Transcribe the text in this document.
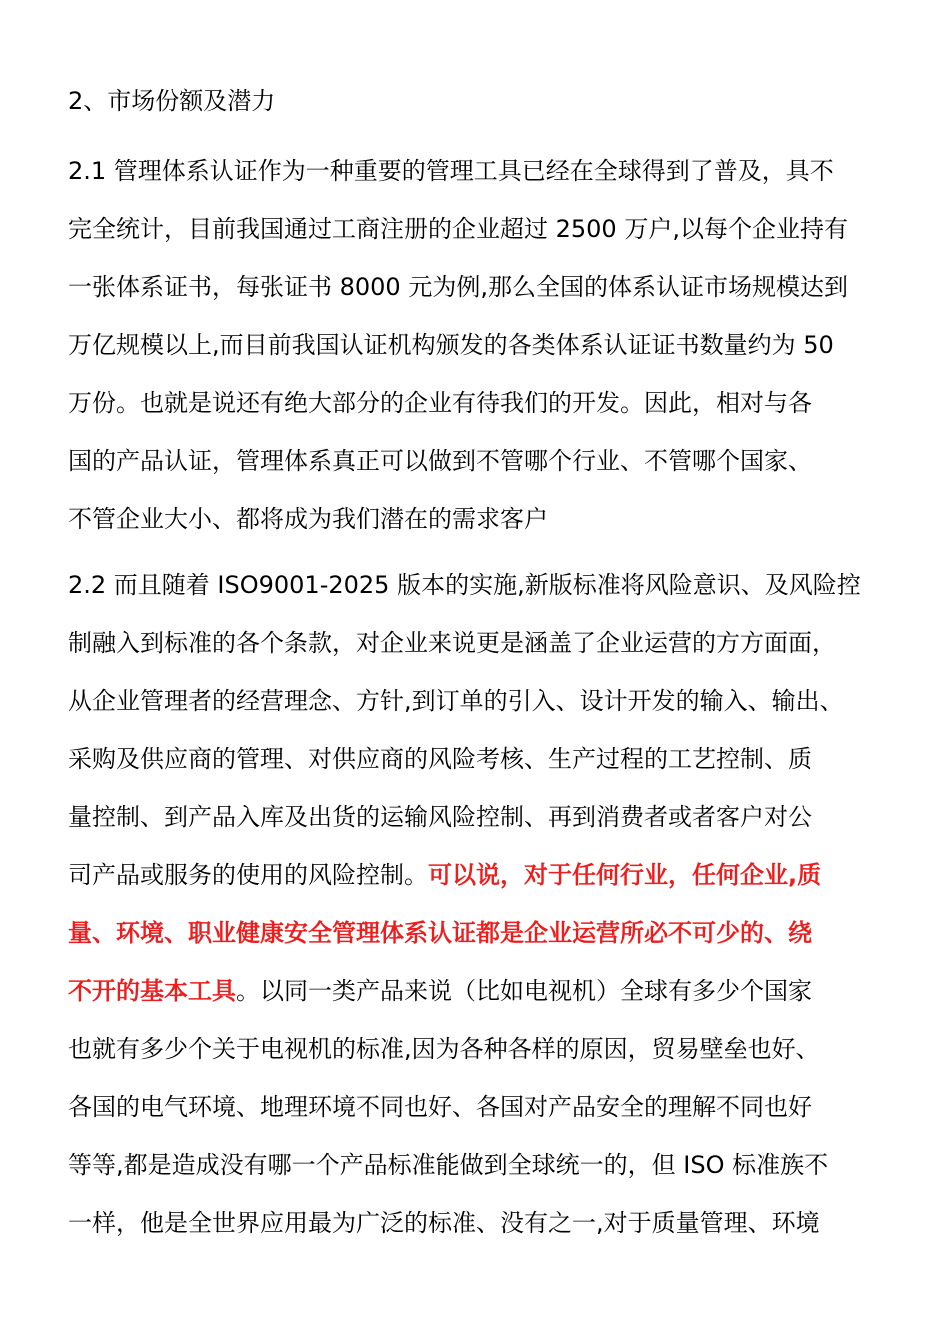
2、市场份额及潜力

2.1 管理体系认证作为一种重要的管理工具已经在全球得到了普及，具不

完全统计，目前我国通过工商注册的企业超过 2500 万户,以每个企业持有

一张体系证书，每张证书 8000 元为例,那么全国的体系认证市场规模达到

万亿规模以上,而目前我国认证机构颁发的各类体系认证证书数量约为 50

万份。也就是说还有绝大部分的企业有待我们的开发。因此，相对与各

国的产品认证，管理体系真正可以做到不管哪个行业、不管哪个国家、

不管企业大小、都将成为我们潜在的需求客户

2.2 而且随着 ISO9001-2025 版本的实施,新版标准将风险意识、及风险控

制融入到标准的各个条款，对企业来说更是涵盖了企业运营的方方面面，

从企业管理者的经营理念、方针,到订单的引入、设计开发的输入、输出、

采购及供应商的管理、对供应商的风险考核、生产过程的工艺控制、质

量控制、到产品入库及出货的运输风险控制、再到消费者或者客户对公

司产品或服务的使用的风险控制。可以说，对于任何行业，任何企业,质

量、环境、职业健康安全管理体系认证都是企业运营所必不可少的、绕

不开的基本工具。以同一类产品来说（比如电视机）全球有多少个国家

也就有多少个关于电视机的标准,因为各种各样的原因，贸易壁垒也好、

各国的电气环境、地理环境不同也好、各国对产品安全的理解不同也好

等等,都是造成没有哪一个产品标准能做到全球统一的，但 ISO 标准族不

一样，他是全世界应用最为广泛的标准、没有之一,对于质量管理、环境
